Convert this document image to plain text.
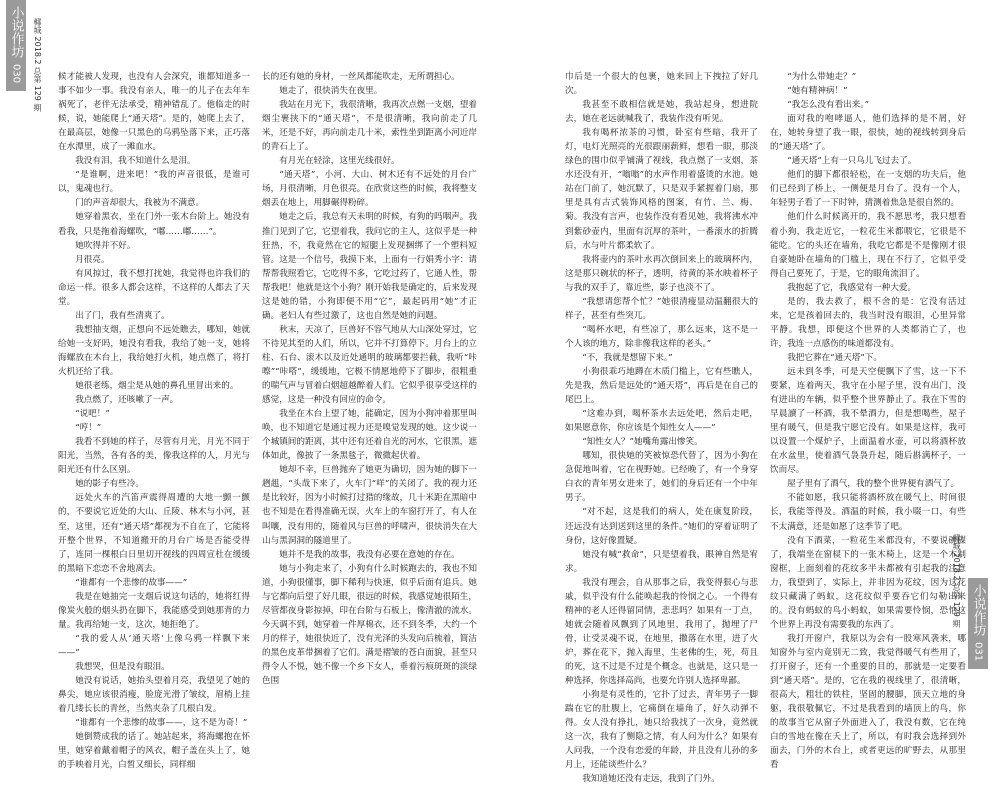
小说作坊
030	椰城 2018.2 总第 129 期 候才能被人发现，也没有人会深究，谁都知道多一事不如少一事。我没有亲人，唯一的儿子在去年车祸死了，老伴无法承受，精神错乱了。他临走的时候，说，她能爬上“通天塔”。是的，她爬上去了，在最高层，她像一只黑色的乌鸦坠落下来，正巧落在水潭里，成了一滩血水。

我没有泪，我不知道什么是泪。

“是谁啊，进来吧！”我的声音很低，是谁可以，鬼魂也行。

门的声音却很大，我被为不满意。

她穿着黑衣，坐在门外一张木台阶上。她没有看我，只是拖着海螺吹，“嘟……嘟……”。

她吹得并不好。

月很亮。

有风掠过，我不想打扰她，我觉得也许我们的命运一样。很多人都会这样，不这样的人都去了天堂。

出了门，我有些清爽了。

我想抽支烟，正想向不远处瞧去，哪知，她就给她一支好吗，她没有看我，我给了她一支，她将海螺放在木台上，我给她打火机，她点燃了，将打火机还给了我。

她很老练，烟尘是从她的鼻孔里冒出来的。

我点燃了，还咳嗽了一声。

“说吧！”

“哼！”

我看不到她的样子，尽管有月光，月光不同于阳光，当然，各有各的美，像我这样的人，月光与阳光还有什么区别。

她的影子有些冷。

远处火车的汽笛声震得周遭的大地一颤一颤的，不要说它近处的大山、丘陵、林木与小河，甚至，这里，还有“通天塔”都视为不自在了，它能将开整个世界，不知道搬开的月台广场是否能受得了，连同一棵根白日里切开视线的四周宣杜在缓缓的黑暗下恋恋不舍地离去。

“谁都有一个悲惨的故事——”

我是在她抽完一支烟后说这句话的，她将红得像炭火般的烟头扔在脚下，我能感受到她那背的力量。我再给她一支，这次，她拒绝了。

“我的爱人从‘通天塔’上像乌鸦一样飘下来——”

我想哭，但是没有眼泪。

她没有说话，她抬头望着月亮，我望见了她的鼻尖，她应该很消瘦，脸庞光滑了皱纹，眉梢上挂着几缕长长的青丝，当然夹杂了几根白发。

“谁都有一个悲惨的故事——，这不是为奇！”

她倒赞成我的话了。她站起来，将海螺抱在怀里，她穿着戴着帽子的风衣，帽子盖在头上了，她的手映着月光，白皙又细长，同样细

长的还有她的身材，一丝风都能吹走，无所谓担心。

她走了，很快消失在夜里。

我站在月光下，我很清晰，我再次点燃一支烟，望着烟尘裹挟下的“通天塔”，不是很清晰，我向前走了几米，还是不好，再向前走几十米，索性坐到距离小河近岸的青石上了。

有月光在轻涂，这里光线很好。

“通天塔”，小河、大山、树木还有不远处的月台广场，月很清晰，月色很亮。在欣赏这些的时候，我将整支烟丢在地上，用脚碾得粉碎。

她走之后，我总有天未明的时候，有狗的吗咽声。我推门见到了它，它望着我，我问它的主人，这似乎是一种狂热，不，我竟然在它的短腿上发现捆绑了一个塑料短管。这是一个信号，我摸下来，上面有一行娟秀小字：请帮帮我照看它，它吃得不多，它吃过药了，它通人性，帮帮我吧！他就是这个小狗？刚开始我是确定的，后来发现这是她的错，小狗即便不用“它”，最起码用“她”才正确。老妇人有些过激了，这也自然是她的问题。

秋末，天凉了，巨兽好不容气地从大山深处穿过，它不待见其至的人们，所以，它并不打算停下。月台上的立柱、石台、滚木以及近处通明的玻璃都要拦截，我听“咔嚓”“咔嗒”，缓缓地，它极不情愿地停下了脚步，很粗重的喘气声与冒着白烟超越醉着人们。它似乎很享受这样的感觉，这是一种没有回应的命令。

我坐在木台上望了她，能确定，因为小狗冲着那里叫唤，也不知道它是通过视力还是嗅觉发现的她。这少说一个城镇间的距离，其中还有还着自光的河水，它很黑，遮体如此，像披了一条黑毯子，微微起伏着。

她却不幸，巨兽抛弃了她更为确切，因为她的脚下一趔趄，“头哉下来了，火车门“咩”的关闭了。我的视力还是比较好，因为小时候打过猎的缘故，几十米距在黑暗中也不知是在看得准确无误，火车上的车窗打开了，有人在叫嚷，没有用的，随着风与巨兽的呼啸声，很快消失在大山与黑洞洞的隧道里了。

她并不是我的故事，我没有必要在意她的存在。

她与小狗走来了，小狗有什么时候跑去的，我也不知道，小狗很懂事，脚下稀利与快速，似乎后面有追兵。她与它都向后望了好几眼，很远的时候，我感觉她很陌生，尽管都夜身影掠掉，印在台阶与石板上，像清澈的流水。今天调不到，她穿着一件厚棉衣，还不到冬季，大约一个月的样子，她很快近了，没有光泽的头发向后梳着，简洁的黑色皮革带捆着了它们。满是褶皱的苍白面貌，甚至只得令人不悦，她不像一个乡下女人，垂着污痕斑斑的淡绿色围

巾后是一个很大的包裹，她来回上下拽拉了好几次。

我甚至不敢相信就是她，我站起身，想进院去，她在老远就喊我了，我装作没有听见。

我有喝杯浓茶的习惯，卧室有些暗，我开了灯，电灯光照亮的光很跟丽薪鲜，想看一眼，那淡绿色的围巾似乎铺满了视线，我点燃了一支烟，茶水还没有开，“嗡嗡”的水声作用着盛烫的水池。她站在门前了，她沉默了，只是双手紧握着门扇，那里是具有古式装饰风格的图案，有竹、兰、梅、菊。我没有言声，也装作没有看见她，我将沸水冲到紫砂壶内，里面有沉厚的茶叶，一番滚水的折腾后，水与叶片都柔软了。

我将壶内的茶叶水再次倒回来上的玻璃杯内，这是那只碗状的杯子，透明，待黄的茶水映着杯子与我的双手了，靠近些，影子也淡不了。

“我想请您帮个忙？”她很清瘦显动温翻很大的样子，甚至有些突兀。

“喝杯水吧，有些凉了，那么远来，这不是一个人该的地方，除非像我这样的老头。”

“不，我就是想留下来。”

小狗很乖巧地蹲在木质门槛上，它有些瞧人，先是我，然后是远处的“通天塔”，再后是在自己的尾巴上。

“这难办到，喝杯茶水去远处吧，然后走吧，如果愿意你，你应该是个知性女人——”

“知性女人？”她嘴角露出惨笑。

哪知，很快她的笑被惊恐代替了，因为小狗在急促地叫着，它在视野她。已经晚了，有一个身穿白衣的青年男女进来了，她们的身后还有一个中年男子。

“对不起，这是我们的病人，处在康复阶段，还远没有达到送到这里的条件。”她们的穿着证明了身份，这好像置疑。

她没有喊“救命”，只是望着我，眼神自然是宥求。

我没有理会，自从那事之后，我变得狠心与悲戚，似乎没有什么能唤起我的怜悯之心。一个得有精神的老人还得留同情，悲悲吗？如果有一丁点，她就会随着风飘到了风地里，我用了，抛埋了尸骨，让受灵魂不说，在地里，撒落在水里，进了火炉，葬在花下，抛入海里，生老佛的生，死，苟且的死，这不过是不过是个概念。也就是，这只是一种选择，你选择高尚，也要允许别人选择卑鄙。

小狗是有灵性的，它扑了过去，青年男子一脚踹在它的肚腹上，它痛倒在墙角了，好久动弹不得。女人没有挣扎，她只给我找了一次身，竟然就这一次，我有了恻隐之情，有人问为什么？如果有人问我，一个没有恋爱的年龄，并且没有儿孙的多月上，还能谈些什么？

我知道她还没有走远，我到了门外。

“为什么带她走？”

“她有精神病！”

“我怎么没有看出来。”

面对我的咆哮逼人，他们选择的是不屑，好在，她转身望了我一眼，很快，她的视线转到身后的“通天塔”了。

“通天塔”上有一只乌儿飞过去了。

他们的脚下都很轻松，在一支烟的功夫后，他们已经到了桥上，一侧便是月台了。没有一个人，年轻男子看了一下时钟，猜测着焦急是很自然的。

他们什么时候离开的，我不愿思考，我只想看着小狗，我走近它，一粒花生米都喂它，它很是不能吃。它的头还在墙角，我吃它都是不是像刚才很自豪她卧在墙角的门槛上，现在不行了，它似乎受得自己要死了，于是，它的眼角流泪了。

我抱起了它，我感觉有一种大爱。

是的，我去救了，根不舍的是：它没有活过来，它是孩着回去的，我当时没有眼泪，心里异常平静。我想，即便这个世界的人类都消亡了，也许，我连一点感伤的味道都没有。

我把它葬在“通天塔”下。

远未到冬季，可是天空便飘下了雪，这一下不要紧，连着两天，我守在小屋子里，没有出门，没有进出的车辆，似乎整个世界静止了。我在下雪的早晨讀了一杯酒，我不晕酒力，但是想喝些，屋子里有暖气，但是我宁愿它没有。如果是这样，我可以设置一个煤炉子，上面温着水壶，可以将酒杯放在水盆里，使着酒气袅袅升起，随后斟满杯子，一饮而尽。

屋子里有了酒气，我的整个世界便有酒气了。

不能如愿，我只能将酒杯放在暖气上，时间很长，我能等得及。酒温的时候，我小啜一口，有些不太满意，还是如愿了这季节了吧。

没有下酒菜，一粒花生米都没有，不要说碗碟了，我端坐在窗棂下的一张木椅上，这是一个木制窗框，上面刻着的花纹多半未都被有引起我的注意力，我望到了，实际上，并非因为花纹，因为这花纹只藏满了蚂蚁，这花纹似乎要吞它们勾勒出来的。没有蚂蚁的鸟小蚂蚁，如果需要怜悯，恐怕这个世界上再没有需要我的东西了。

我打开窗户，我原以为会有一股寒风袭来，哪知窗外与室内竟别无二致，我觉得暖气有些用了，打开窗子，还有一个重要的目的，那就是一定要看到“通天塔”。是的，它在我的视线里了，很清晰，很高大，粗壮的铁柱，坚固的腰脚，顶天立地的身躯，我很敬佩它，不过是我看到的墙顶上的鸟，你的故事当它从窗子外面进入了，我没有数，它在纯白的雪地在像在夭上了，所以，有时我会选择到外面去，门外的木台上，或者更远的旷野去，从那里看

椰城 2018.2 总第 129 期 小说作坊
031
